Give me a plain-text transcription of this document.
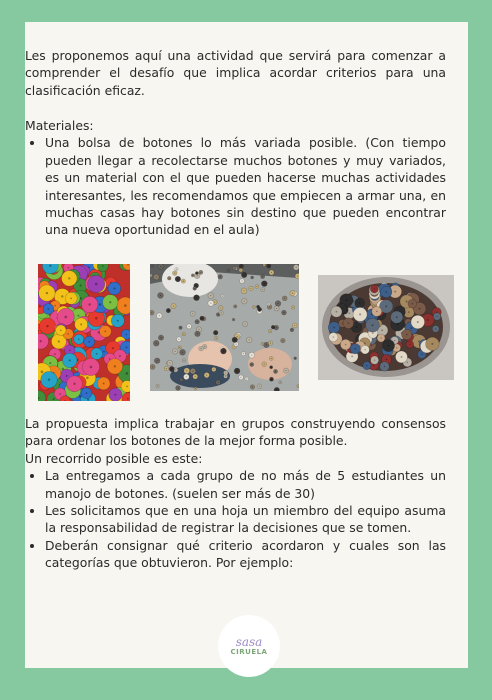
Les proponemos aquí una actividad que servirá para comenzar a comprender el desafío que implica acordar criterios para una clasificación eficaz.

Materiales:

• Una bolsa de botones lo más variada posible. (Con tiempo pueden llegar a recolectarse muchos botones y muy variados, es un material con el que pueden hacerse muchas actividades interesantes, les recomendamos que empiecen a armar una, en muchas casas hay botones sin destino que pueden encontrar una nueva oportunidad en el aula)

La propuesta implica trabajar en grupos construyendo consensos para ordenar los botones de la mejor forma posible.

Un recorrido posible es este:

• La entregamos a cada grupo de no más de 5 estudiantes un manojo de botones. (suelen ser más de 30)
• Les solicitamos que en una hoja un miembro del equipo asuma la responsabilidad de registrar la decisiones que se tomen.
• Deberán consignar qué criterio acordaron y cuales son las categorías que obtuvieron. Por ejemplo:
sasa
CIRUELA
